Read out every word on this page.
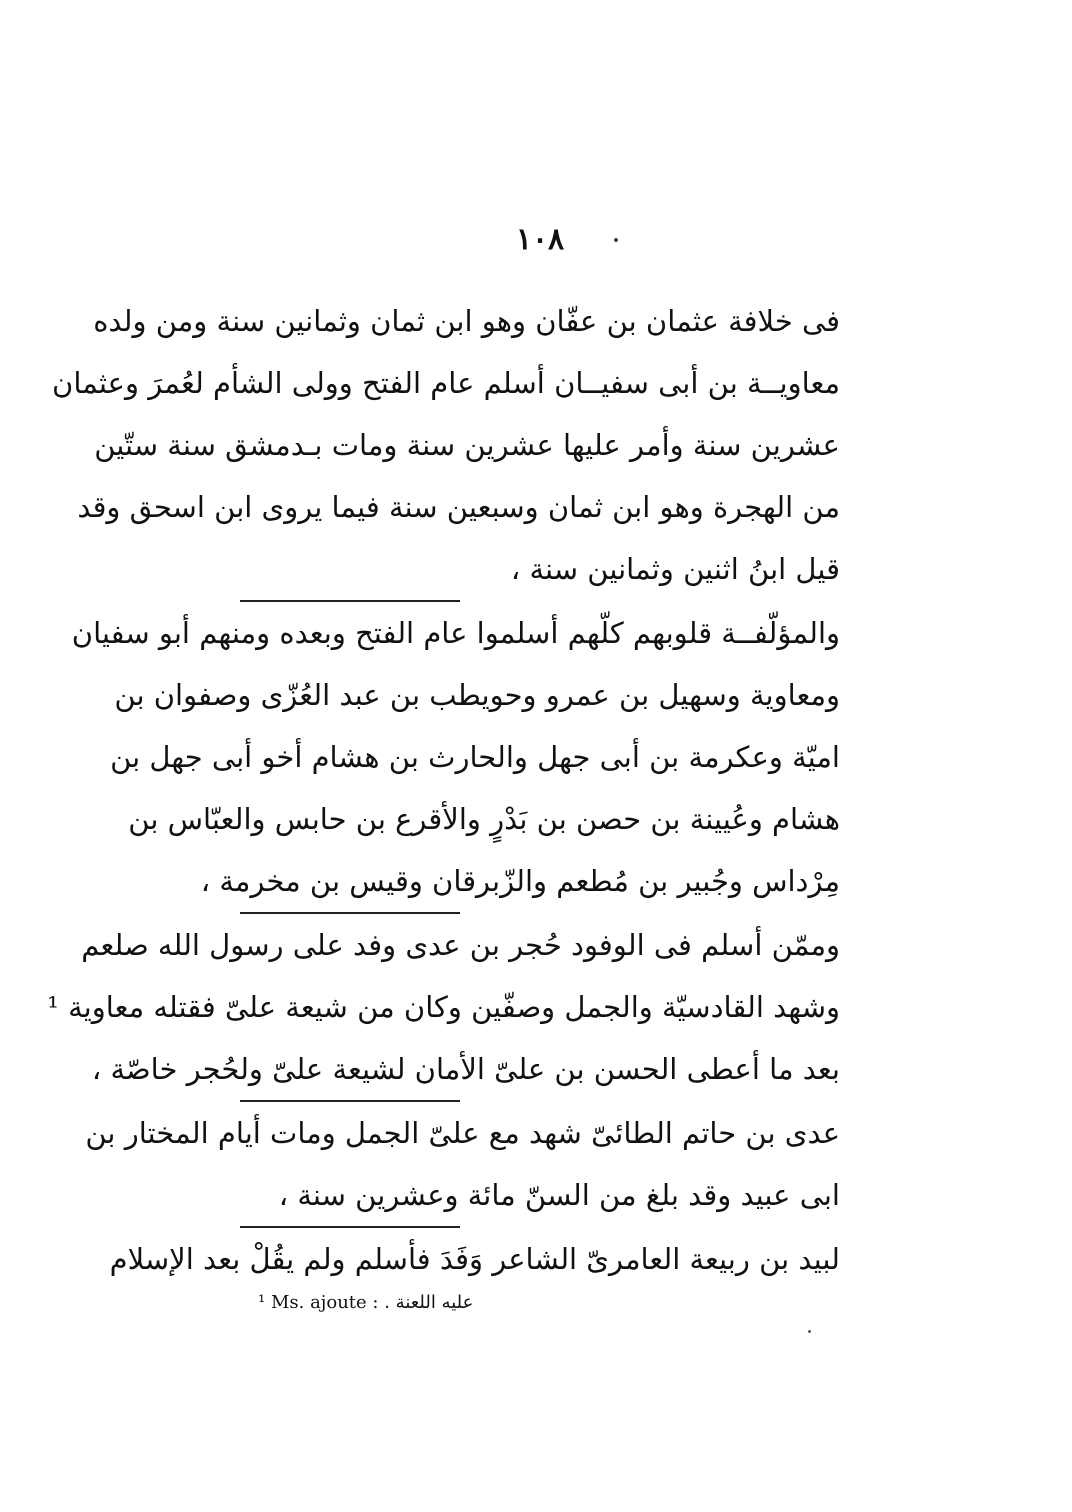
١٠٨
فى خلافة عثمان بن عفّان وهو ابن ثمان وثمانين سنة ومن ولده
معاويــة بن أبى سفيــان أسلم عام الفتح وولى الشأم لعُمرَ وعثمان
عشرين سنة وأمر عليها عشرين سنة ومات بـدمشق سنة ستّين
من الهجرة وهو ابن ثمان وسبعين سنة فيما يروى ابن اسحق وقد
قيل ابنُ اثنين وثمانين سنة ،
والمؤلّفــة قلوبهم كلّهم أسلموا عام الفتح وبعده ومنهم أبو سفيان
ومعاوية وسهيل بن عمرو وحويطب بن عبد العُزّى وصفوان بن
اميّة وعكرمة بن أبى جهل والحارث بن هشام أخو أبى جهل بن
هشام وعُيينة بن حصن بن بَدْرٍ والأقرع بن حابس والعبّاس بن
مِرْداس وجُبير بن مُطعم والزّبرقان وقيس بن مخرمة ،
وممّن أسلم فى الوفود حُجر بن عدى وفد على رسول الله صلعم
وشهد القادسيّة والجمل وصفّين وكان من شيعة علىّ فقتله معاوية ¹
بعد ما أعطى الحسن بن علىّ الأمان لشيعة علىّ ولحُجر خاصّة ،
عدى بن حاتم الطائىّ شهد مع علىّ الجمل ومات أيام المختار بن
ابى عبيد وقد بلغ من السنّ مائة وعشرين سنة ،
لبيد بن ربيعة العامرىّ الشاعر وَفَدَ فأسلم ولم يقُلْ بعد الإسلام
¹ Ms. ajoute : عليه اللعنة .
